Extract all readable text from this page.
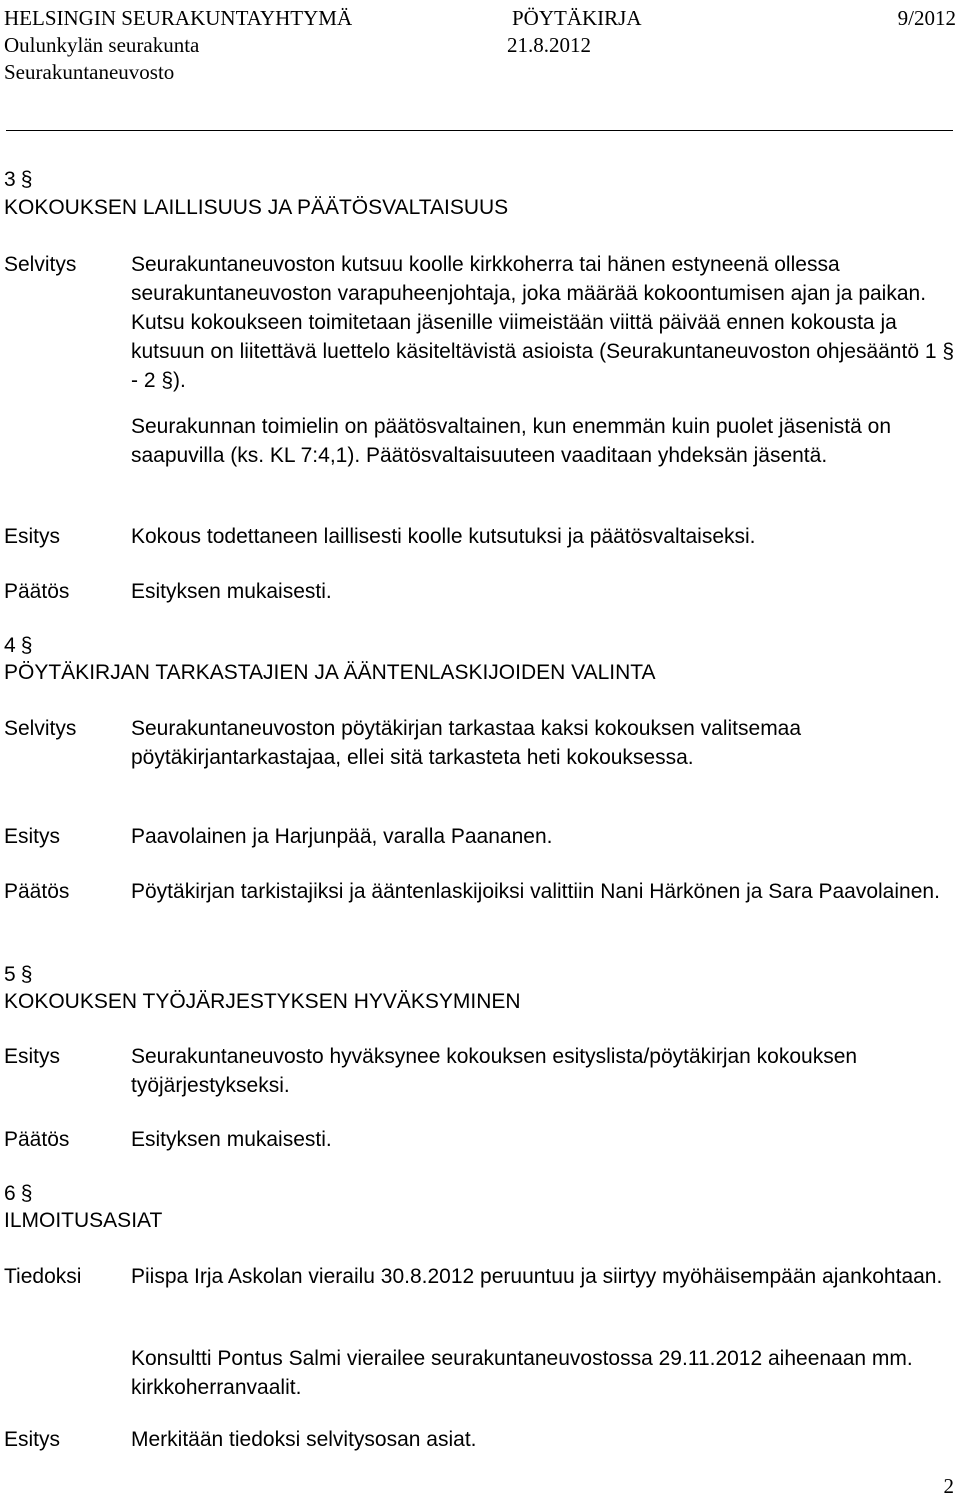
HELSINGIN SEURAKUNTAYHTYMÄ	PÖYTÄKIRJA	9/2012
Oulunkylän seurakunta	21.8.2012
Seurakuntaneuvosto
3 §
KOKOUKSEN LAILLISUUS JA PÄÄTÖSVALTAISUUS
Selvitys	Seurakuntaneuvoston kutsuu koolle kirkkoherra tai hänen estyneenä ollessa seurakuntaneuvoston varapuheenjohtaja, joka määrää kokoontumisen ajan ja paikan. Kutsu kokoukseen toimitetaan jäsenille viimeistään viittä päivää ennen kokousta ja kutsuun on liitettävä luettelo käsiteltävistä asioista (Seurakuntaneuvoston ohjesääntö 1 § - 2 §).
Seurakunnan toimielin on päätösvaltainen, kun enemmän kuin puolet jäsenistä on saapuvilla (ks. KL 7:4,1). Päätösvaltaisuuteen vaaditaan yhdeksän jäsentä.
Esitys	Kokous todettaneen laillisesti koolle kutsutuksi ja päätösvaltaiseksi.
Päätös	Esityksen mukaisesti.
4 §
PÖYTÄKIRJAN TARKASTAJIEN JA ÄÄNTENLASKIJOIDEN VALINTA
Selvitys	Seurakuntaneuvoston pöytäkirjan tarkastaa kaksi kokouksen valitsemaa pöytäkirjantarkastajaa, ellei sitä tarkasteta heti kokouksessa.
Esitys	Paavolainen ja Harjunpää, varalla Paananen.
Päätös	Pöytäkirjan tarkistajiksi ja ääntenlaskijoiksi valittiin Nani Härkönen ja Sara Paavolainen.
5 §
KOKOUKSEN TYÖJÄRJESTYKSEN HYVÄKSYMINEN
Esitys	Seurakuntaneuvosto hyväksynee kokouksen esityslista/pöytäkirjan kokouksen työjärjestykseksi.
Päätös	Esityksen mukaisesti.
6 §
ILMOITUSASIAT
Tiedoksi Piispa Irja Askolan vierailu 30.8.2012 peruuntuu ja siirtyy myöhäisempään ajankohtaan.
Konsultti Pontus Salmi vierailee seurakuntaneuvostossa 29.11.2012 aiheenaan mm. kirkkoherranvaalit.
Esitys	Merkitään tiedoksi selvitysosan asiat.
2
